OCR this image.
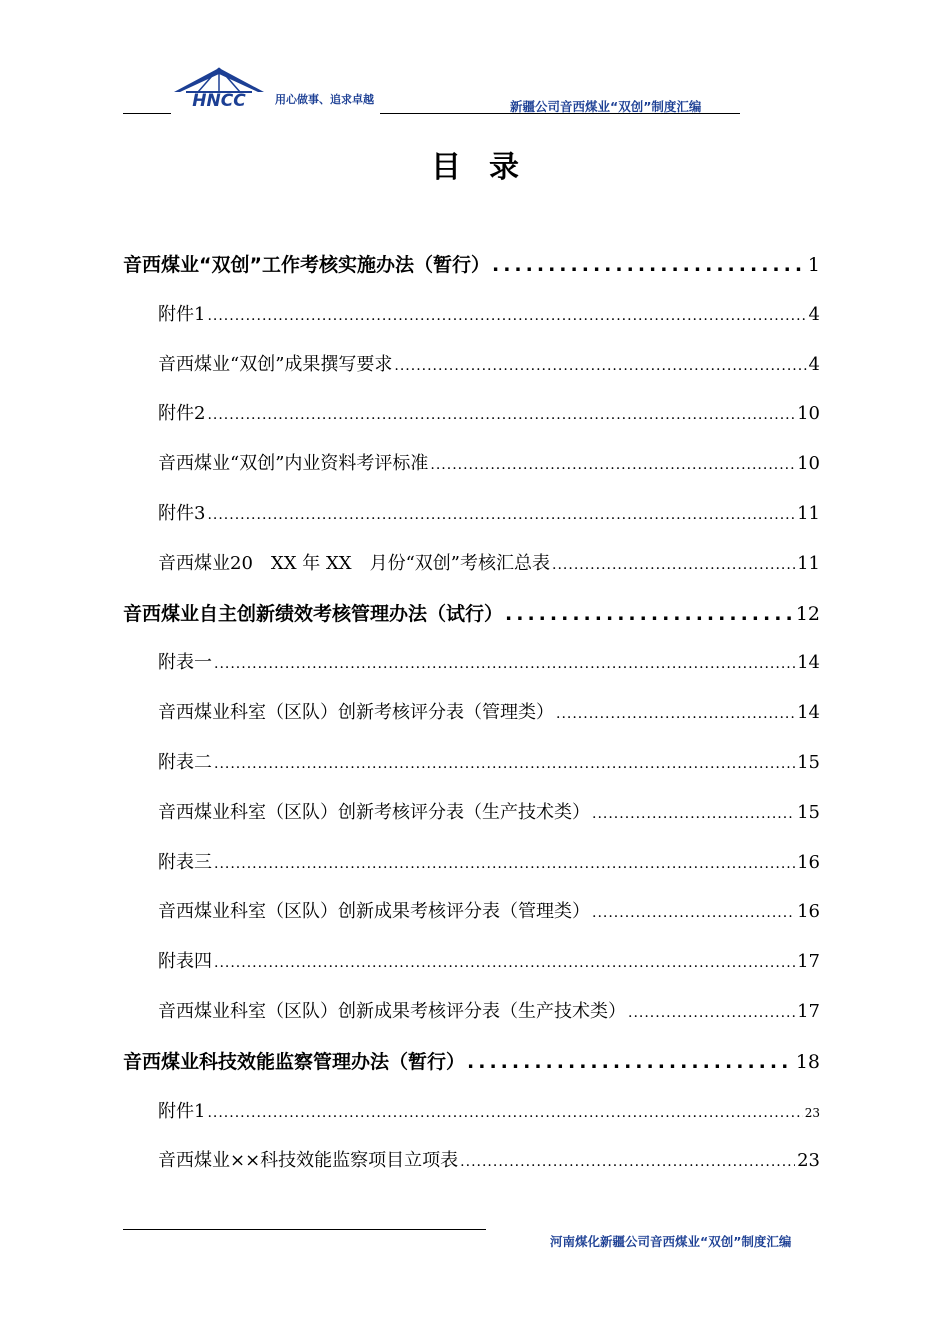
HNCC	用心做事、追求卓越	新疆公司音西煤业“双创”制度汇编
目录
音西煤业“双创”工作考核实施办法（暂行） .....	1
附件1 .....	4
音西煤业“双创”成果撰写要求 .....	4
附件2 .....	10
音西煤业“双创”内业资料考评标准 .....	10
附件3 .....	11
音西煤业20　XX 年 XX　月份“双创”考核汇总表 .....	11
音西煤业自主创新绩效考核管理办法（试行） .....	12
附表一 .....	14
音西煤业科室（区队）创新考核评分表（管理类） .....	14
附表二 .....	15
音西煤业科室（区队）创新考核评分表（生产技术类） .....	15
附表三 .....	16
音西煤业科室（区队）创新成果考核评分表（管理类） .....	16
附表四 .....	17
音西煤业科室（区队）创新成果考核评分表（生产技术类） .....	17
音西煤业科技效能监察管理办法（暂行） .....	18
附件1 .....	23
音西煤业××科技效能监察项目立项表 .....	23
河南煤化新疆公司音西煤业“双创”制度汇编
